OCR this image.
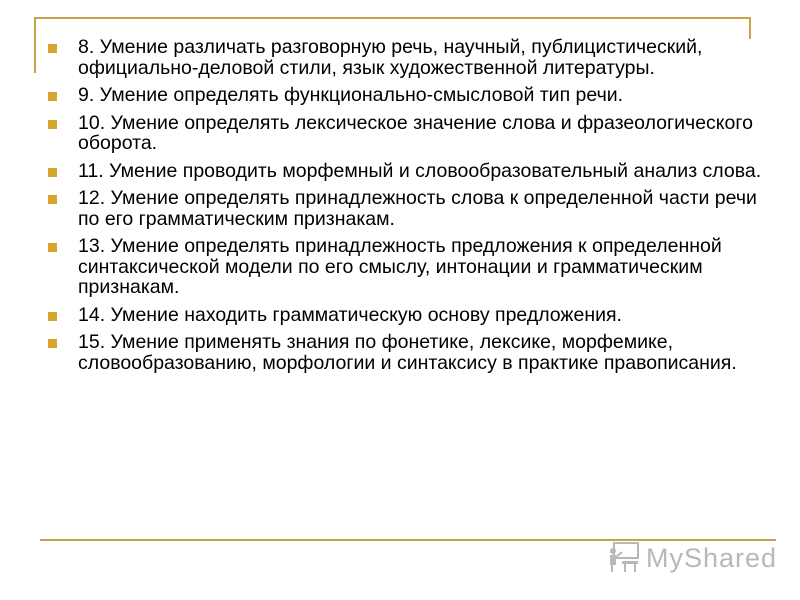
8. Умение различать разговорную речь, научный, публицистический, официально-деловой стили, язык художественной литературы.
9. Умение определять функционально-смысловой тип речи.
10. Умение определять лексическое значение слова и фразеологического оборота.
11. Умение проводить морфемный и словообразовательный анализ слова.
12. Умение определять принадлежность слова к определенной части речи по его грамматическим признакам.
13. Умение определять принадлежность предложения к определенной синтаксической модели по его смыслу, интонации и грамматическим признакам.
14. Умение находить грамматическую основу предложения.
15. Умение применять знания по фонетике, лексике, морфемике, словообразованию, морфологии и синтаксису в практике правописания.
MyShared
